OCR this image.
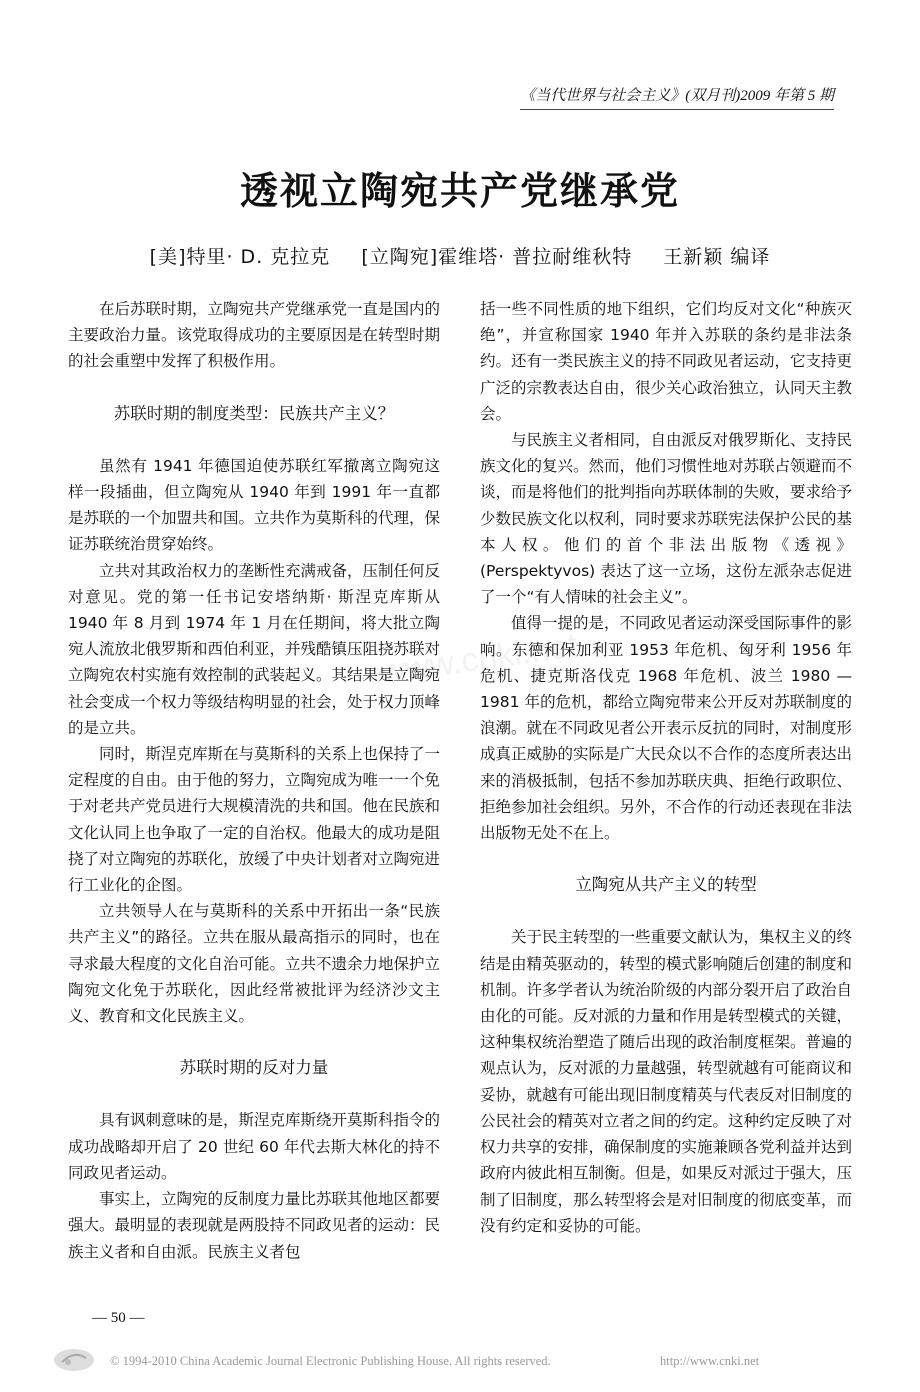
《当代世界与社会主义》(双月刊)2009 年第 5 期
透视立陶宛共产党继承党
[美]特里· D. 克拉克 [立陶宛]霍维塔· 普拉耐维秋特 王新颖 编译
www.cnki.net

在后苏联时期，立陶宛共产党继承党一直是国内的主要政治力量。该党取得成功的主要原因是在转型时期的社会重塑中发挥了积极作用。

苏联时期的制度类型：民族共产主义？

虽然有 1941 年德国迫使苏联红军撤离立陶宛这样一段插曲，但立陶宛从 1940 年到 1991 年一直都是苏联的一个加盟共和国。立共作为莫斯科的代理，保证苏联统治贯穿始终。

立共对其政治权力的垄断性充满戒备，压制任何反对意见。党的第一任书记安塔纳斯· 斯涅克库斯从 1940 年 8 月到 1974 年 1 月在任期间，将大批立陶宛人流放北俄罗斯和西伯利亚，并残酷镇压阻挠苏联对立陶宛农村实施有效控制的武装起义。其结果是立陶宛社会变成一个权力等级结构明显的社会，处于权力顶峰的是立共。

同时，斯涅克库斯在与莫斯科的关系上也保持了一定程度的自由。由于他的努力，立陶宛成为唯一一个免于对老共产党员进行大规模清洗的共和国。他在民族和文化认同上也争取了一定的自治权。他最大的成功是阻挠了对立陶宛的苏联化，放缓了中央计划者对立陶宛进行工业化的企图。

立共领导人在与莫斯科的关系中开拓出一条“民族共产主义”的路径。立共在服从最高指示的同时，也在寻求最大程度的文化自治可能。立共不遗余力地保护立陶宛文化免于苏联化，因此经常被批评为经济沙文主义、教育和文化民族主义。

苏联时期的反对力量

具有讽刺意味的是，斯涅克库斯绕开莫斯科指令的成功战略却开启了 20 世纪 60 年代去斯大林化的持不同政见者运动。

事实上，立陶宛的反制度力量比苏联其他地区都要强大。最明显的表现就是两股持不同政见者的运动：民族主义者和自由派。民族主义者包

括一些不同性质的地下组织，它们均反对文化“种族灭绝”，并宣称国家 1940 年并入苏联的条约是非法条约。还有一类民族主义的持不同政见者运动，它支持更广泛的宗教表达自由，很少关心政治独立，认同天主教会。

与民族主义者相同，自由派反对俄罗斯化、支持民族文化的复兴。然而，他们习惯性地对苏联占领避而不谈，而是将他们的批判指向苏联体制的失败，要求给予少数民族文化以权利，同时要求苏联宪法保护公民的基本人权。他们的首个非法出版物《透视》(Perspektyvos) 表达了这一立场，这份左派杂志促进了一个“有人情味的社会主义”。

值得一提的是，不同政见者运动深受国际事件的影响。东德和保加利亚 1953 年危机、匈牙利 1956 年危机、捷克斯洛伐克 1968 年危机、波兰 1980 —1981 年的危机，都给立陶宛带来公开反对苏联制度的浪潮。就在不同政见者公开表示反抗的同时，对制度形成真正威胁的实际是广大民众以不合作的态度所表达出来的消极抵制，包括不参加苏联庆典、拒绝行政职位、拒绝参加社会组织。另外，不合作的行动还表现在非法出版物无处不在上。

立陶宛从共产主义的转型

关于民主转型的一些重要文献认为，集权主义的终结是由精英驱动的，转型的模式影响随后创建的制度和机制。许多学者认为统治阶级的内部分裂开启了政治自由化的可能。反对派的力量和作用是转型模式的关键，这种集权统治塑造了随后出现的政治制度框架。普遍的观点认为，反对派的力量越强，转型就越有可能商议和妥协，就越有可能出现旧制度精英与代表反对旧制度的公民社会的精英对立者之间的约定。这种约定反映了对权力共享的安排，确保制度的实施兼顾各党利益并达到政府内彼此相互制衡。但是，如果反对派过于强大，压制了旧制度，那么转型将会是对旧制度的彻底变革，而没有约定和妥协的可能。

— 50 —
© 1994-2010 China Academic Journal Electronic Publishing House. All rights reserved.	http://www.cnki.net
